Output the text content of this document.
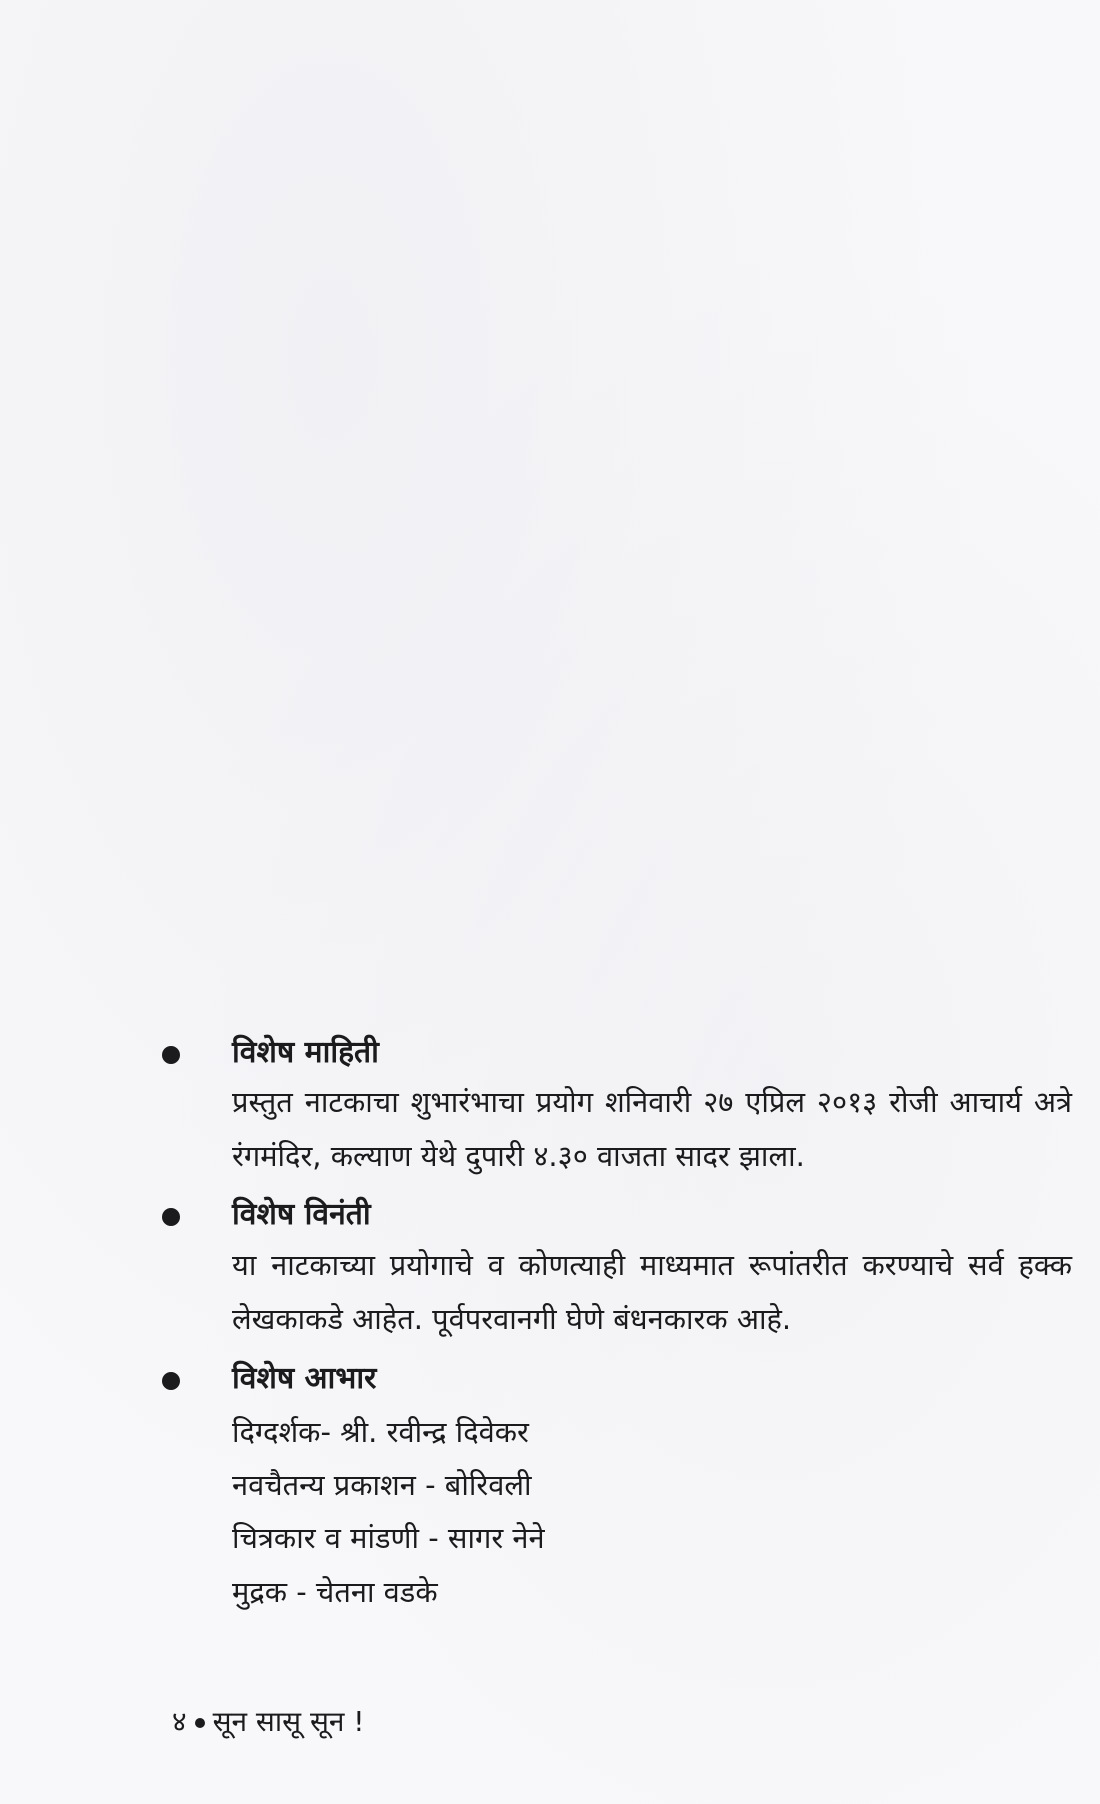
विशेष माहिती
प्रस्तुत नाटकाचा शुभारंभाचा प्रयोग शनिवारी २७ एप्रिल २०१३ रोजी आचार्य अत्रे रंगमंदिर, कल्याण येथे दुपारी ४.३० वाजता सादर झाला.
विशेष विनंती
या नाटकाच्या प्रयोगाचे व कोणत्याही माध्यमात रूपांतरीत करण्याचे सर्व हक्क लेखकाकडे आहेत. पूर्वपरवानगी घेणे बंधनकारक आहे.
विशेष आभार
दिग्दर्शक- श्री. रवीन्द्र दिवेकर
नवचैतन्य प्रकाशन - बोरिवली
चित्रकार व मांडणी - सागर नेने
मुद्रक - चेतना वडके
४ सून सासू सून !
